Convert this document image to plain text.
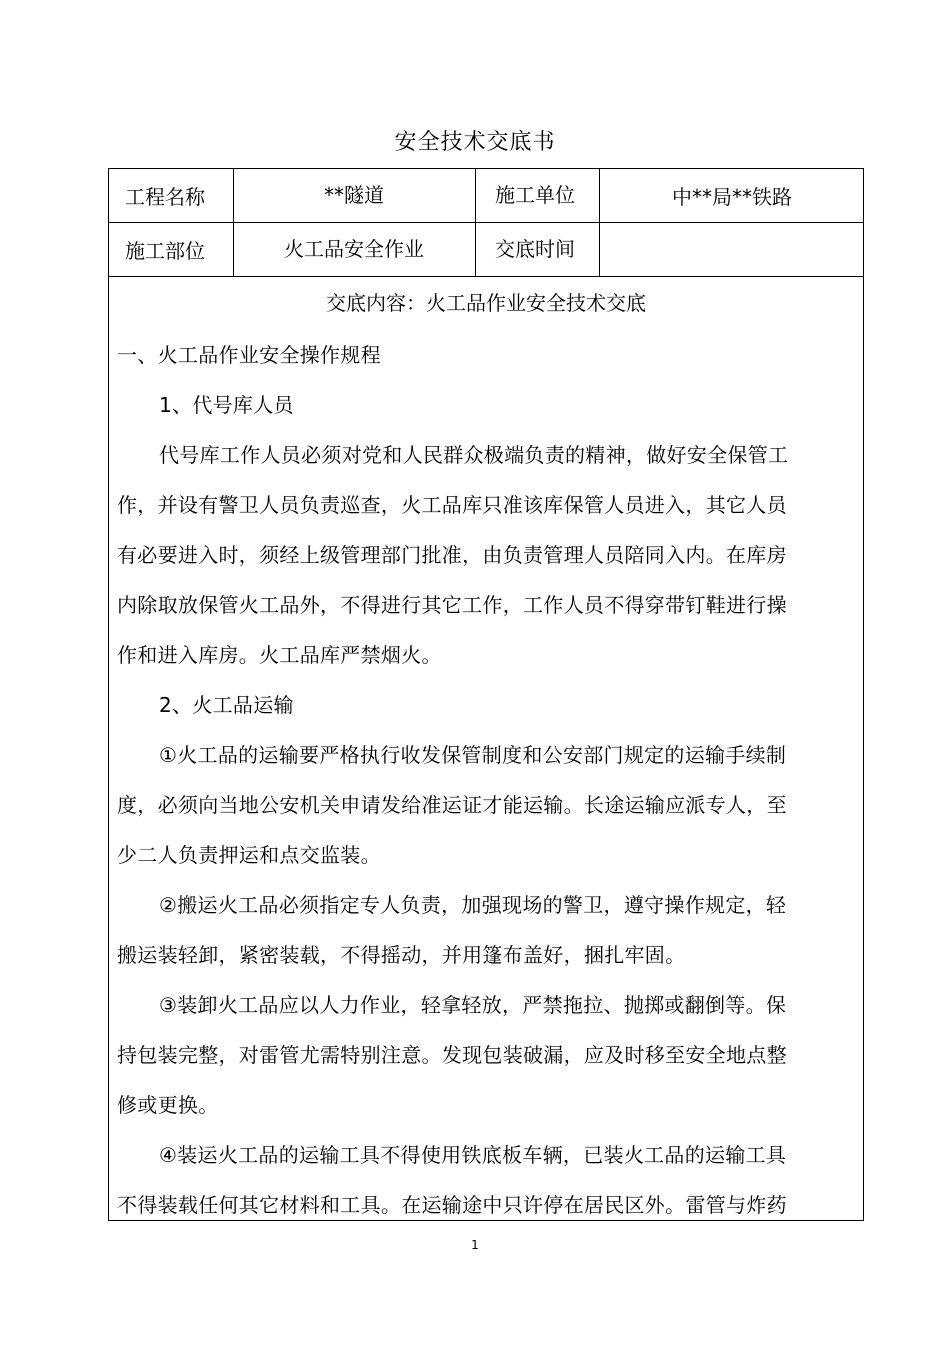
安全技术交底书
工程名称	**隧道	施工单位	中**局**铁路
施工部位	火工品安全作业	交底时间
交底内容：火工品作业安全技术交底
一、火工品作业安全操作规程
1、代号库人员
代号库工作人员必须对党和人民群众极端负责的精神，做好安全保管工
作，并设有警卫人员负责巡查，火工品库只准该库保管人员进入，其它人员
有必要进入时，须经上级管理部门批准，由负责管理人员陪同入内。在库房
内除取放保管火工品外，不得进行其它工作，工作人员不得穿带钉鞋进行操
作和进入库房。火工品库严禁烟火。
2、火工品运输
①火工品的运输要严格执行收发保管制度和公安部门规定的运输手续制
度，必须向当地公安机关申请发给准运证才能运输。长途运输应派专人，至
少二人负责押运和点交监装。
②搬运火工品必须指定专人负责，加强现场的警卫，遵守操作规定，轻
搬运装轻卸，紧密装载，不得摇动，并用篷布盖好，捆扎牢固。
③装卸火工品应以人力作业，轻拿轻放，严禁拖拉、抛掷或翻倒等。保
持包装完整，对雷管尤需特别注意。发现包装破漏，应及时移至安全地点整
修或更换。
④装运火工品的运输工具不得使用铁底板车辆，已装火工品的运输工具
不得装载任何其它材料和工具。在运输途中只许停在居民区外。雷管与炸药
1
